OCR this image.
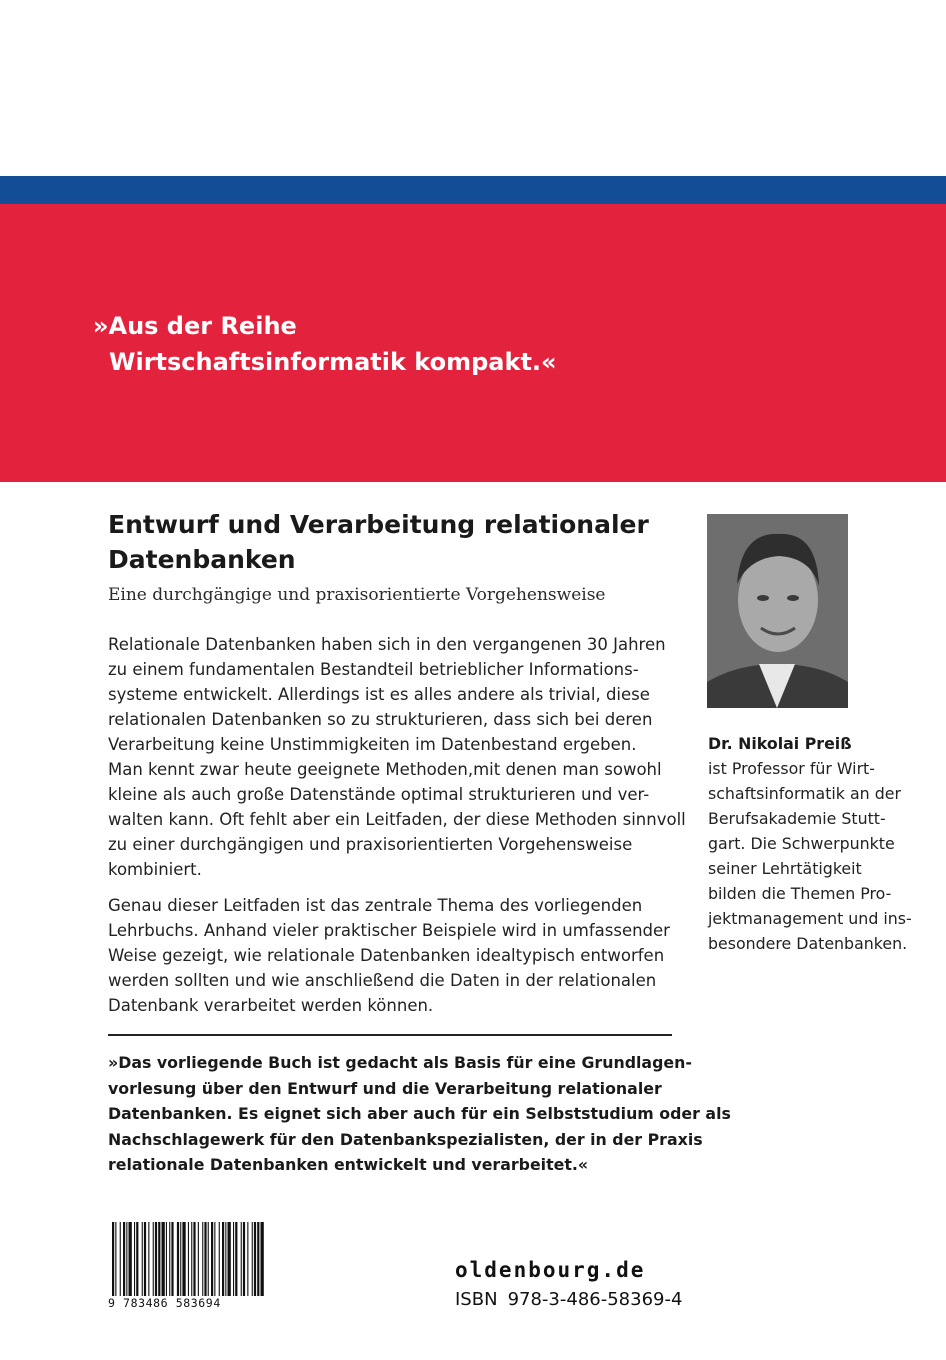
»Aus der Reihe
Wirtschaftsinformatik kompakt.«
Entwurf und Verarbeitung relationaler Datenbanken
Eine durchgängige und praxisorientierte Vorgehensweise
Relationale Datenbanken haben sich in den vergangenen 30 Jahren
zu einem fundamentalen Bestandteil betrieblicher Informations-
systeme entwickelt. Allerdings ist es alles andere als trivial, diese
relationalen Datenbanken so zu strukturieren, dass sich bei deren
Verarbeitung keine Unstimmigkeiten im Datenbestand ergeben.
Man kennt zwar heute geeignete Methoden,mit denen man sowohl
kleine als auch große Datenstände optimal strukturieren und ver-
walten kann. Oft fehlt aber ein Leitfaden, der diese Methoden sinnvoll
zu einer durchgängigen und praxisorientierten Vorgehensweise
kombiniert.
Genau dieser Leitfaden ist das zentrale Thema des vorliegenden
Lehrbuchs. Anhand vieler praktischer Beispiele wird in umfassender
Weise gezeigt, wie relationale Datenbanken idealtypisch entworfen
werden sollten und wie anschließend die Daten in der relationalen
Datenbank verarbeitet werden können.
»Das vorliegende Buch ist gedacht als Basis für eine Grundlagen-
vorlesung über den Entwurf und die Verarbeitung relationaler
Datenbanken. Es eignet sich aber auch für ein Selbststudium oder als
Nachschlagewerk für den Datenbankspezialisten, der in der Praxis
relationale Datenbanken entwickelt und verarbeitet.«
Dr. Nikolai Preiß
ist Professor für Wirt-
schaftsinformatik an der
Berufsakademie Stutt-
gart. Die Schwerpunkte
seiner Lehrtätigkeit
bilden die Themen Pro-
jektmanagement und ins-
besondere Datenbanken.
9 783486 583694
oldenbourg.de
ISBN 978-3-486-58369-4
